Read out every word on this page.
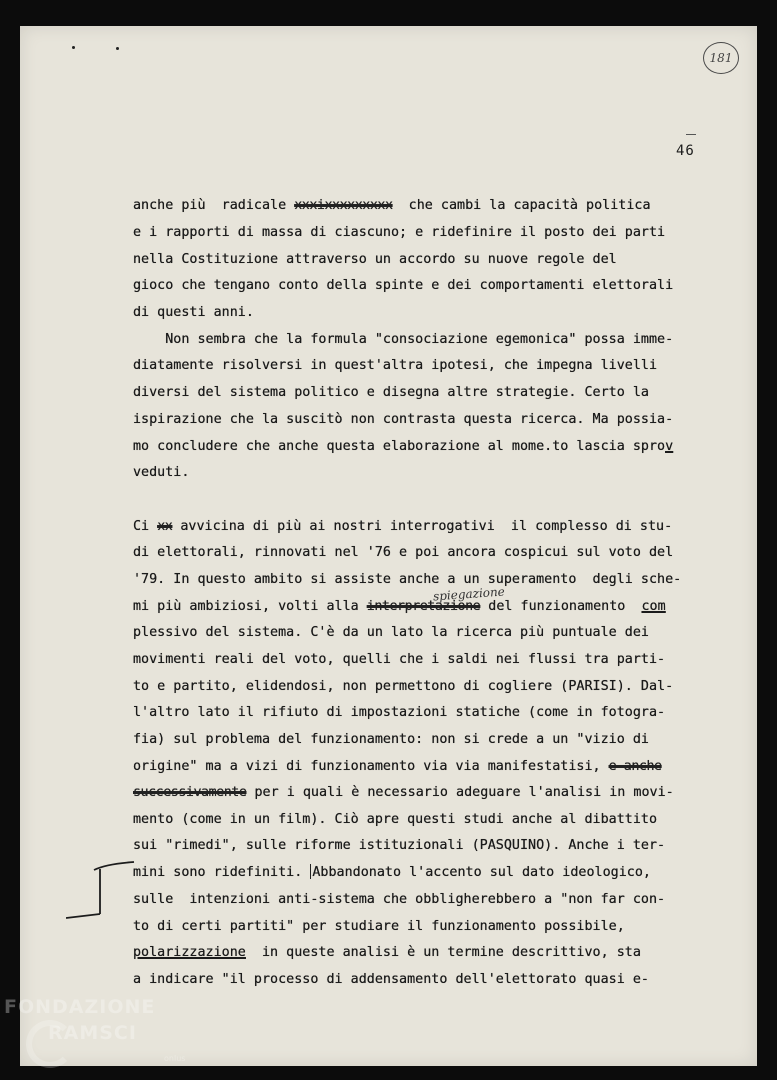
181
46
anche più  radicale xxxixxxxxxxxx  che cambi la capacità politica
e i rapporti di massa di ciascuno; e ridefinire il posto dei parti
nella Costituzione attraverso un accordo su nuove regole del
gioco che tengano conto della spinte e dei comportamenti elettorali
di questi anni.
Non sembra che la formula "consociazione egemonica" possa imme-
diatamente risolversi in quest'altra ipotesi, che impegna livelli
diversi del sistema politico e disegna altre strategie. Certo la
ispirazione che la suscitò non contrasta questa ricerca. Ma possia-
mo concludere che anche questa elaborazione al mome.to lascia sprov
veduti.
Ci xx avvicina di più ai nostri interrogativi  il complesso di stu-
di elettorali, rinnovati nel '76 e poi ancora cospicui sul voto del
'79. In questo ambito si assiste anche a un superamento  degli sche-
mi più ambiziosi, volti alla interpretazione del funzionamento  com
plessivo del sistema. C'è da un lato la ricerca più puntuale dei
movimenti reali del voto, quelli che i saldi nei flussi tra parti-
to e partito, elidendosi, non permettono di cogliere (PARISI). Dal-
l'altro lato il rifiuto di impostazioni statiche (come in fotogra-
fia) sul problema del funzionamento: non si crede a un "vizio di
origine" ma a vizi di funzionamento via via manifestatisi, e anche
successivamente per i quali è necessario adeguare l'analisi in movi-
mento (come in un film). Ciò apre questi studi anche al dibattito
sui "rimedi", sulle riforme istituzionali (PASQUINO). Anche i ter-
mini sono ridefiniti. Abbandonato l'accento sul dato ideologico,
sulle  intenzioni anti-sistema che obbligherebbero a "non far con-
to di certi partiti" per studiare il funzionamento possibile,
polarizzazione  in queste analisi è un termine descrittivo, sta
a indicare "il processo di addensamento dell'elettorato quasi e-
spiegazione
FONDAZIONE
RAMSCI
onlus
